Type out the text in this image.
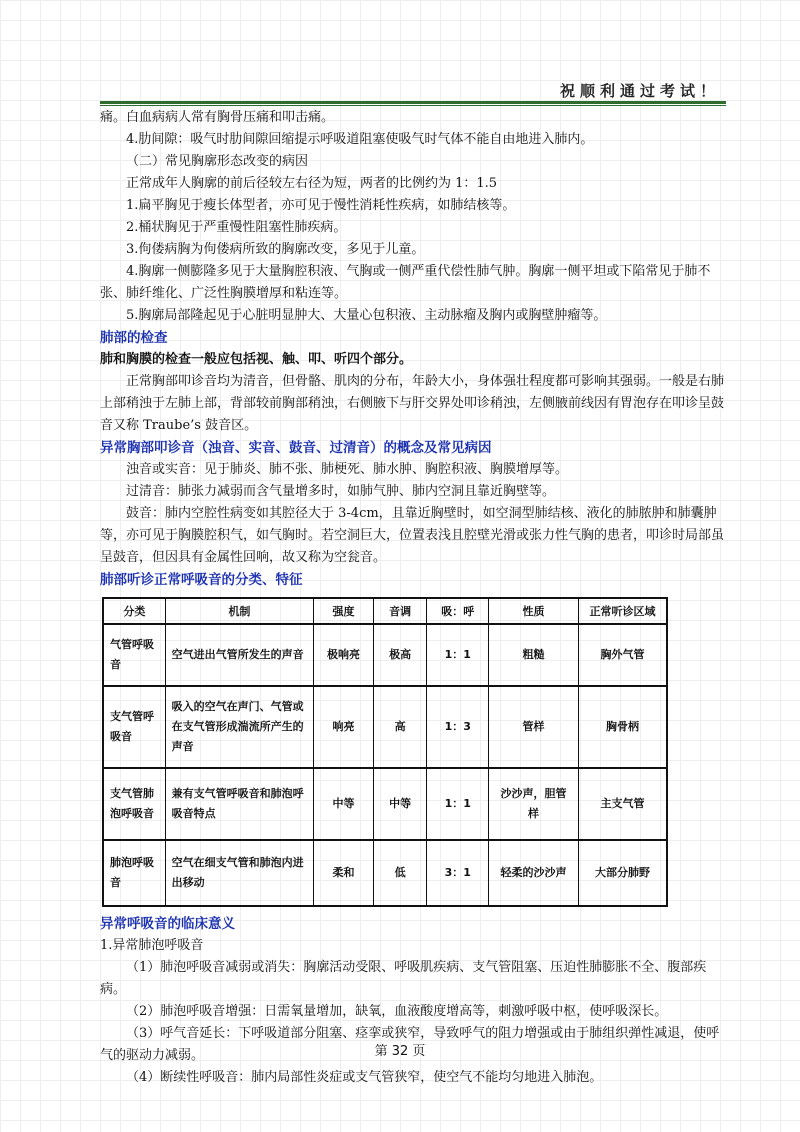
祝顺利通过考试！

痛。白血病病人常有胸骨压痛和叩击痛。

4.肋间隙：吸气时肋间隙回缩提示呼吸道阻塞使吸气时气体不能自由地进入肺内。

（二）常见胸廓形态改变的病因

正常成年人胸廓的前后径较左右径为短，两者的比例约为 1：1.5

1.扁平胸见于瘦长体型者，亦可见于慢性消耗性疾病，如肺结核等。

2.桶状胸见于严重慢性阻塞性肺疾病。

3.佝偻病胸为佝偻病所致的胸廓改变，多见于儿童。

4.胸廓一侧膨隆多见于大量胸腔积液、气胸或一侧严重代偿性肺气肿。胸廓一侧平坦或下陷常见于肺不张、肺纤维化、广泛性胸膜增厚和粘连等。

5.胸廓局部隆起见于心脏明显肿大、大量心包积液、主动脉瘤及胸内或胸壁肿瘤等。

肺部的检查

肺和胸膜的检查一般应包括视、触、叩、听四个部分。

正常胸部叩诊音均为清音，但骨骼、肌肉的分布，年龄大小，身体强壮程度都可影响其强弱。一般是右肺上部稍浊于左肺上部，背部较前胸部稍浊，右侧腋下与肝交界处叩诊稍浊，左侧腋前线因有胃泡存在叩诊呈鼓音又称 Traube’s 鼓音区。

异常胸部叩诊音（浊音、实音、鼓音、过清音）的概念及常见病因

浊音或实音：见于肺炎、肺不张、肺梗死、肺水肿、胸腔积液、胸膜增厚等。

过清音：肺张力减弱而含气量增多时，如肺气肿、肺内空洞且靠近胸壁等。

鼓音：肺内空腔性病变如其腔径大于 3-4cm，且靠近胸壁时，如空洞型肺结核、液化的肺脓肿和肺囊肿等，亦可见于胸膜腔积气，如气胸时。若空洞巨大，位置表浅且腔壁光滑或张力性气胸的患者，叩诊时局部虽呈鼓音，但因具有金属性回响，故又称为空瓮音。

肺部听诊正常呼吸音的分类、特征

分类	机制	强度	音调	吸：呼	性质	正常听诊区域
气管呼吸音	空气进出气管所发生的声音	极响亮	极高	1：1	粗糙	胸外气管
支气管呼吸音	吸入的空气在声门、气管或在支气管形成湍流所产生的声音	响亮	高	1：3	管样	胸骨柄
支气管肺泡呼吸音	兼有支气管呼吸音和肺泡呼吸音特点	中等	中等	1：1	沙沙声，胆管样	主支气管
肺泡呼吸音	空气在细支气管和肺泡内进出移动	柔和	低	3：1	轻柔的沙沙声	大部分肺野

异常呼吸音的临床意义

1.异常肺泡呼吸音

（1）肺泡呼吸音减弱或消失：胸廓活动受限、呼吸肌疾病、支气管阻塞、压迫性肺膨胀不全、腹部疾病。

（2）肺泡呼吸音增强：日需氧量增加，缺氧，血液酸度增高等，刺激呼吸中枢，使呼吸深长。

（3）呼气音延长：下呼吸道部分阻塞、痉挛或狭窄，导致呼气的阻力增强或由于肺组织弹性减退，使呼气的驱动力减弱。

（4）断续性呼吸音：肺内局部性炎症或支气管狭窄，使空气不能均匀地进入肺泡。

第 32 页
